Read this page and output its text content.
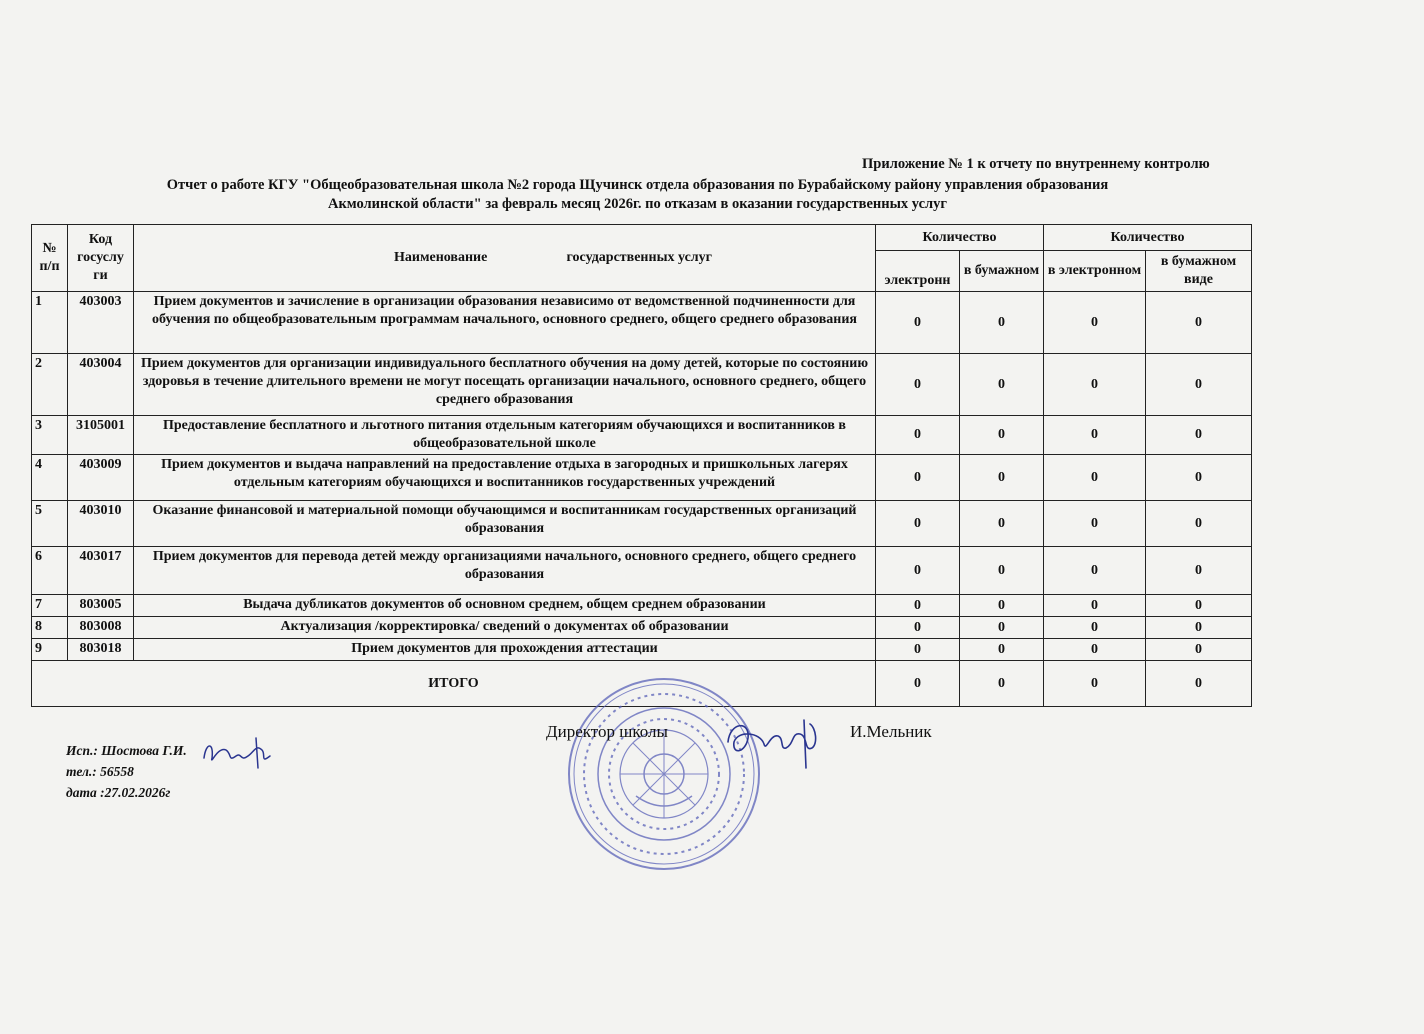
Приложение № 1 к отчету по внутреннему контролю
Отчет о работе КГУ "Общеобразовательная школа №2 города Щучинск отдела образования по Бурабайскому району управления образования
Акмолинской области" за февраль месяц 2026г. по отказам в оказании государственных услуг
№ п/п	Код госуслу ги	Наименование государственных услуг	Количество		Количество	
			электронн	в бумажном	в электронном	в бумажном виде
1	403003	Прием документов и зачисление в организации образования независимо от ведомственной подчиненности для обучения по общеобразовательным программам начального, основного среднего, общего среднего образования	0	0	0	0
2	403004	Прием документов для организации индивидуального бесплатного обучения на дому детей, которые по состоянию здоровья в течение длительного времени не могут посещать организации начального, основного среднего, общего среднего образования	0	0	0	0
3	3105001	Предоставление бесплатного и льготного питания отдельным категориям обучающихся и воспитанников в общеобразовательной школе	0	0	0	0
4	403009	Прием документов и выдача направлений на предоставление отдыха в загородных и пришкольных лагерях отдельным категориям обучающихся и воспитанников государственных учреждений	0	0	0	0
5	403010	Оказание финансовой и материальной помощи обучающимся и воспитанникам государственных организаций образования	0	0	0	0
6	403017	Прием документов для перевода детей между организациями начального, основного среднего, общего среднего образования	0	0	0	0
7	803005	Выдача дубликатов документов об основном среднем, общем среднем образовании	0	0	0	0
8	803008	Актуализация /корректировка/ сведений о документах об образовании	0	0	0	0
9	803018	Прием документов для прохождения аттестации	0	0	0	0
ИТОГО			0	0	0	0
Директор школы	И.Мельник
Исп.: Шостова Г.И.
тел.: 56558
дата :27.02.2026г
